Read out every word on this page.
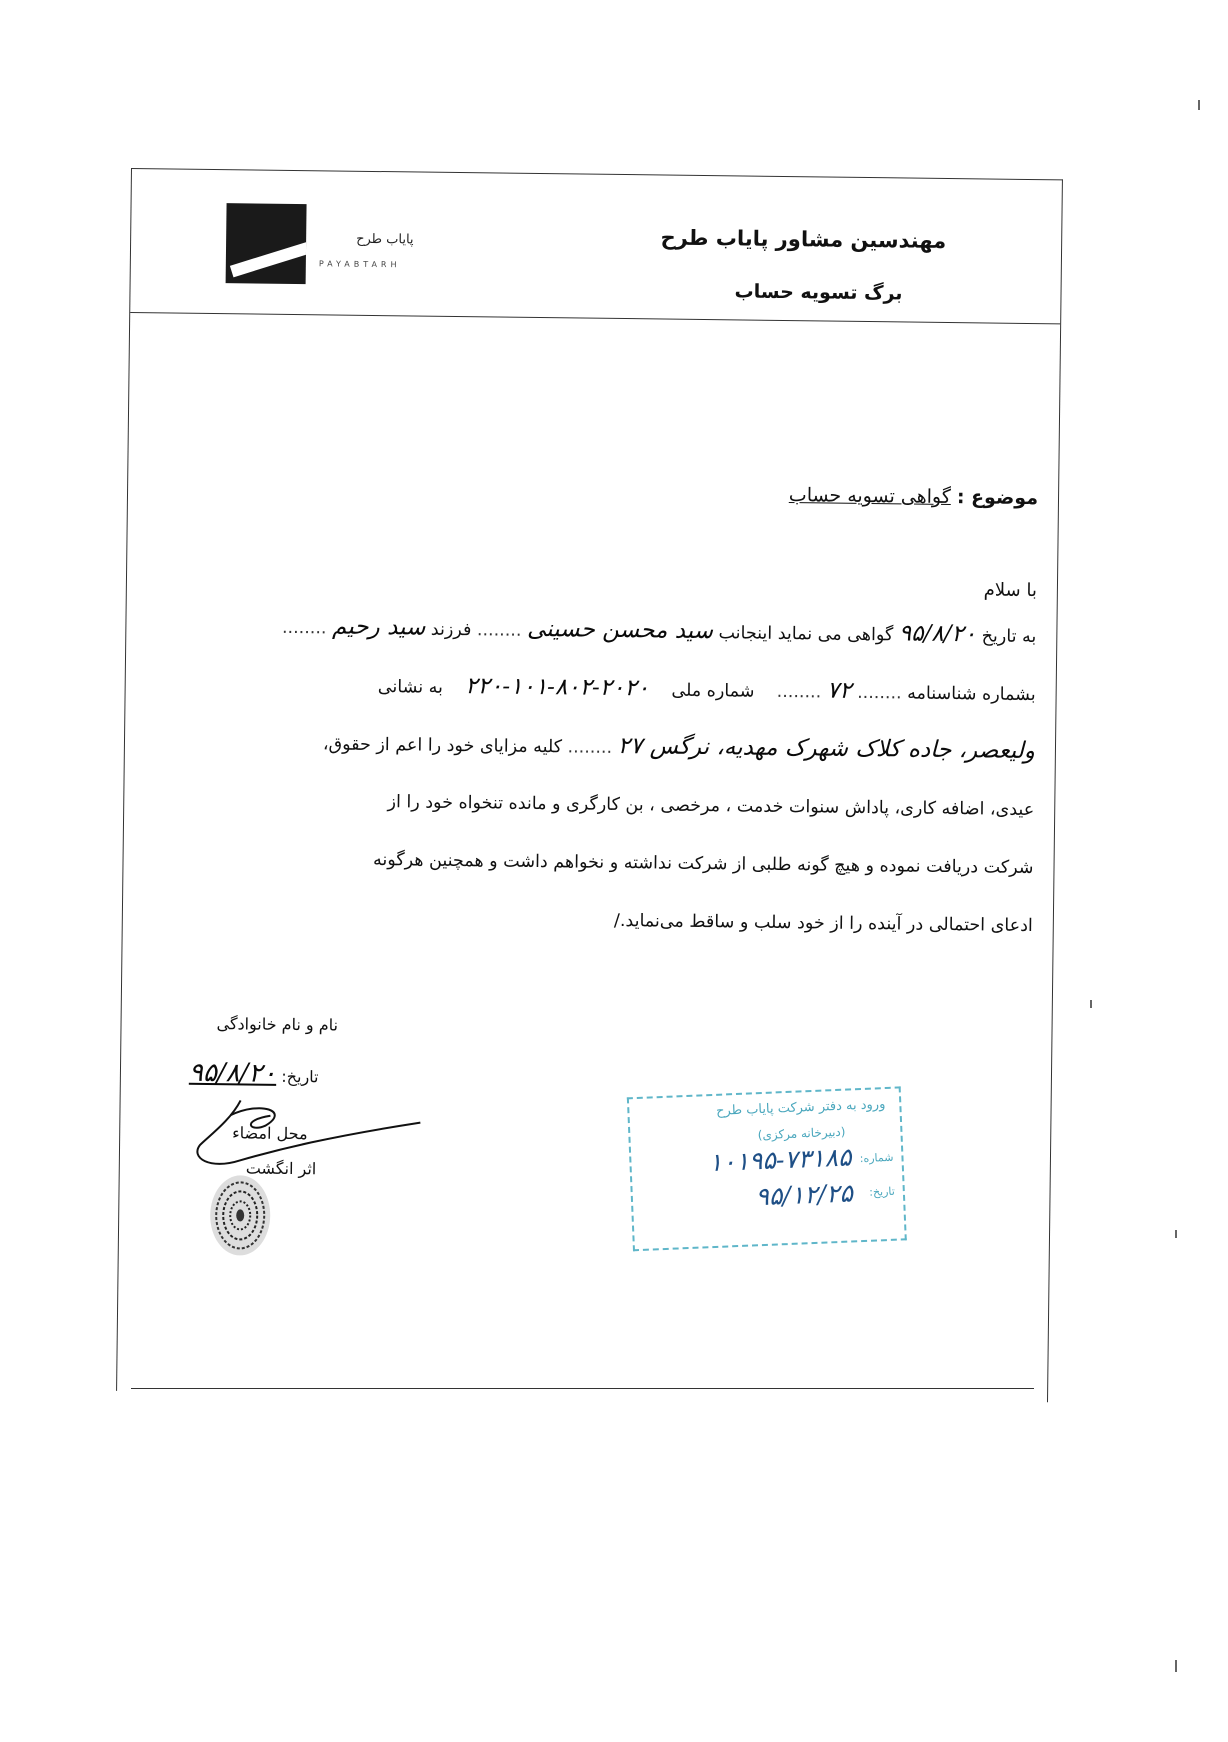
پایاب طرح
PAYABTARH
مهندسین مشاور پایاب طرح
برگ تسویه حساب
موضوع : گواهی تسویه حساب
با سلام
به تاریخ ۹۵/۸/۲۰ گواهی می نماید اینجانب سید محسن حسینی ........ فرزند سید رحیم ........
بشماره شناسنامه ........ ۷۲ ........    شماره ملی    ۲۰۲۰-۸۰۲-۱۰۱-۲۲۰    به نشانی
ولیعصر، جاده کلاک شهرک مهدیه، نرگس ۲۷ ........ کلیه مزایای خود را اعم از حقوق،
عیدی، اضافه کاری، پاداش سنوات خدمت ، مرخصی ، بن کارگری و مانده تنخواه خود را از
شرکت دریافت نموده و هیچ گونه طلبی از شرکت نداشته و نخواهم داشت و همچنین هرگونه
ادعای احتمالی در آینده را از خود سلب و ساقط می‌نماید./
نام و نام خانوادگی
تاریخ: ۹۵/۸/۲۰
محل امضاء
اثر انگشت
ورود به دفتر شرکت پایاب طرح
(دبیرخانه مرکزی)
شماره:
۱۰۱۹۵-۷۳۱۸۵
تاریخ:
۹۵/۱۲/۲۵
